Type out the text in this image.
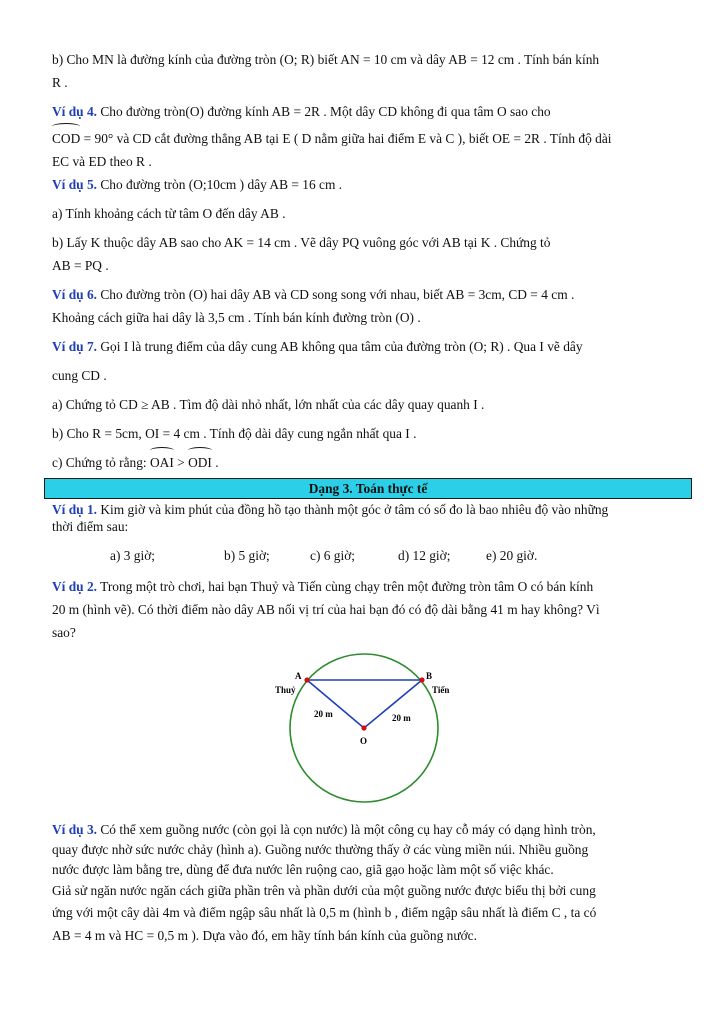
b) Cho MN là đường kính của đường tròn (O; R) biết AN = 10 cm và dây AB = 12 cm . Tính bán kính

R .

Ví dụ 4. Cho đường tròn(O) đường kính AB = 2R . Một dây CD không đi qua tâm O sao cho

COD = 90° và CD cắt đường thẳng AB tại E ( D nằm giữa hai điểm E và C ), biết OE = 2R . Tính độ dài

EC và ED theo R .

Ví dụ 5. Cho đường tròn (O;10cm ) dây AB = 16 cm .

a) Tính khoảng cách từ tâm O đến dây AB .

b) Lấy K thuộc dây AB sao cho AK = 14 cm . Vẽ dây PQ vuông góc với AB tại K . Chứng tỏ

AB = PQ .

Ví dụ 6. Cho đường tròn (O) hai dây AB và CD song song với nhau, biết AB = 3cm, CD = 4 cm .

Khoảng cách giữa hai dây là 3,5 cm . Tính bán kính đường tròn (O) .

Ví dụ 7. Gọi I là trung điểm của dây cung AB không qua tâm của đường tròn (O; R) . Qua I vẽ dây

cung CD .

a) Chứng tỏ CD ≥ AB . Tìm độ dài nhỏ nhất, lớn nhất của các dây quay quanh I .

b) Cho R = 5cm, OI = 4 cm . Tính độ dài dây cung ngắn nhất qua I .

c) Chứng tỏ rằng: OAI > ODI .

Dạng 3. Toán thực tế

Ví dụ 1. Kim giờ và kim phút của đồng hồ tạo thành một góc ở tâm có số đo là bao nhiêu độ vào những

thời điểm sau:

a) 3 giờ;	b) 5 giờ;	c) 6 giờ;	d) 12 giờ;	e) 20 giờ.

Ví dụ 2. Trong một trò chơi, hai bạn Thuỷ và Tiến cùng chạy trên một đường tròn tâm O có bán kính

20 m (hình vẽ). Có thời điểm nào dây AB nối vị trí của hai bạn đó có độ dài bằng 41 m hay không? Vì

sao?

A	B
O
Thuỷ	Tiến
20 m	20 m

Ví dụ 3. Có thể xem guồng nước (còn gọi là cọn nước) là một công cụ hay cỗ máy có dạng hình tròn,

quay được nhờ sức nước chảy (hình a). Guồng nước thường thấy ở các vùng miền núi. Nhiều guồng

nước được làm bằng tre, dùng để đưa nước lên ruộng cao, giã gạo hoặc làm một số việc khác.

Giả sử ngăn nước ngăn cách giữa phần trên và phần dưới của một guồng nước được biểu thị bởi cung

ứng với một cây dài 4m và điểm ngập sâu nhất là 0,5 m (hình b , điểm ngập sâu nhất là điểm C , ta có

AB = 4 m và HC = 0,5 m ). Dựa vào đó, em hãy tính bán kính của guồng nước.
